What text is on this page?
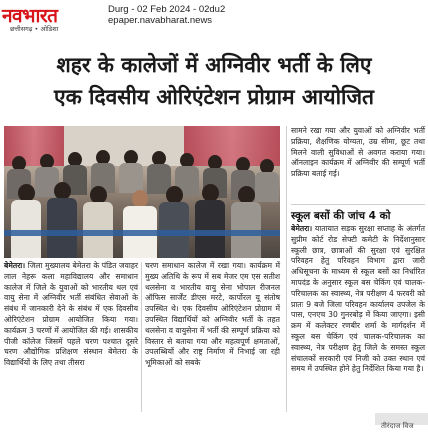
नवभारत
छत्तीसगढ़ • ओडिशा
Durg - 02 Feb 2024 - 02du2
epaper.navabharat.news
शहर के कालेजों में अग्निवीर भर्ती के लिए
एक दिवसीय ओरिएंटेशन प्रोग्राम आयोजित
बेमेतरा। जिला मुख्यालय बेमेतरा के पंडित जवाहर लाल नेहरू कला महाविद्यालय और समाधान कालेज में जिले के युवाओं को भारतीय थल एवं वायु सेना में अग्निवीर भर्ती संबंधित सेवाओं के संबंध में जानकारी देने के संबंध में एक दिवसीय ओरिएंटेशन प्रोग्राम आयोजित किया गया। कार्यक्रम 3 चरणों में आयोजित की गई। शासकीय पीजी कॉलेज जिसमें पहले चरण पश्चात दूसरे चरण औद्योगिक प्रशिक्षण संस्थान बेमेतरा के विद्यार्थियों के लिए तथा तीसरा
चरण समाधान कालेज में रखा गया। कार्यक्रम में मुख्य अतिथि के रूप में सब मेजर एम एस सतीश थलसेना व भारतीय वायु सेना भोपाल रीजनल ऑफिस सार्जेंट डीएस मरटे, कार्पोरल यू संतोष उपस्थित थे। एक दिवसीय ओरिएंटेशन प्रोग्राम में उपस्थित विद्यार्थियों को अग्निवीर भर्ती के तहत थलसेना व वायुसेना में भर्ती की सम्पूर्ण प्रक्रिया को विस्तार से बताया गया और महत्वपूर्ण क्षमताओं, उपलब्धियों और राष्ट्र निर्माण में निभाई जा रही भूमिकाओं को सबके
सामने रखा गया और युवाओं को अग्निवीर भर्ती प्रक्रिया, शैक्षणिक योग्यता, उम्र सीमा, छूट तथा मिलने वाली सुविधाओं से अवगत कराया गया। ऑनलाइन कार्यक्रम में अग्निवीर की सम्पूर्ण भर्ती प्रक्रिया बताई गई।
स्कूल बसों की जांच 4 को
बेमेतरा। यातायात सड़क सुरक्षा सप्ताह के अंतर्गत सुप्रीम कोर्ट रोड सेफ्टी कमेटी के निर्देशानुसार स्कूली छात्र, छात्राओं की सुरक्षा एवं सुरक्षित परिवहन हेतु परिवहन विभाग द्वारा जारी अधिसूचना के माध्यम से स्कूल बसों का निर्धारित मापदंड के अनुसार स्कूल बस चेकिंग एवं चालक-परिचालक का स्वास्थ्य, नेत्र परीक्षण 4 फरवरी को प्रातः 9 बजे जिला परिवहन कार्यालय उपजेल के पास, एनएच 30 गुनरबोड़ में किया जाएगा। इसी क्रम में कलेक्टर रणबीर शर्मा के मार्गदर्शन में स्कूल बस चेकिंग एवं चालक-परिचालक का स्वास्थ्य, नेत्र परीक्षण हेतु जिले के समस्त स्कूल संचालकों सरकारी एवं निजी को उक्त स्थान एवं समय में उपस्थित होने हेतु निर्देशित किया गया है।
तीरंदाज विज
